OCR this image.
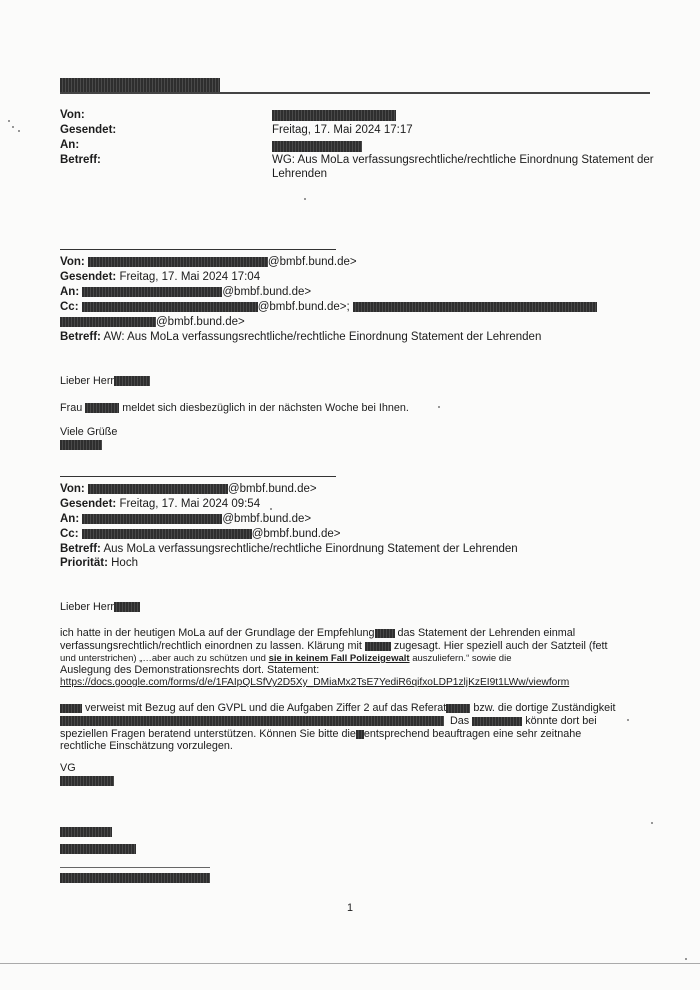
Von:
Gesendet:	Freitag, 17. Mai 2024 17:17
An:
Betreff:	WG: Aus MoLa verfassungsrechtliche/rechtliche Einordnung Statement der
Lehrenden
Von:	@bmbf.bund.de>
Gesendet: Freitag, 17. Mai 2024 17:04
An:	@bmbf.bund.de>
Cc:	@bmbf.bund.de>;
@bmbf.bund.de>
Betreff: AW: Aus MoLa verfassungsrechtliche/rechtliche Einordnung Statement der Lehrenden
Lieber Herr
Frau	meldet sich diesbezüglich in der nächsten Woche bei Ihnen.
Viele Grüße
Von:	@bmbf.bund.de>
Gesendet: Freitag, 17. Mai 2024 09:54
An:	@bmbf.bund.de>
Cc:	@bmbf.bund.de>
Betreff: Aus MoLa verfassungsrechtliche/rechtliche Einordnung Statement der Lehrenden
Priorität: Hoch
Lieber Herr
ich hatte in der heutigen MoLa auf der Grundlage der Empfehlung das Statement der Lehrenden einmal
verfassungsrechtlich/rechtlich einordnen zu lassen. Klärung mit	zugesagt. Hier speziell auch der Satzteil (fett
und unterstrichen) „…aber auch zu schützen und sie in keinem Fall Polizeigewalt auszuliefern.“ sowie die
Auslegung des Demonstrationsrechts dort. Statement:
https://docs.google.com/forms/d/e/1FAIpQLSfVy2D5Xy_DMiaMx2TsE7YediR6qifxoLDP1zljKzEI9t1LWw/viewform
verweist mit Bezug auf den GVPL und die Aufgaben Ziffer 2 auf das Referat	bzw. die dortige Zuständigkeit
Das	könnte dort bei
speziellen Fragen beratend unterstützen. Können Sie bitte die entsprechend beauftragen eine sehr zeitnahe
rechtliche Einschätzung vorzulegen.
VG
1
